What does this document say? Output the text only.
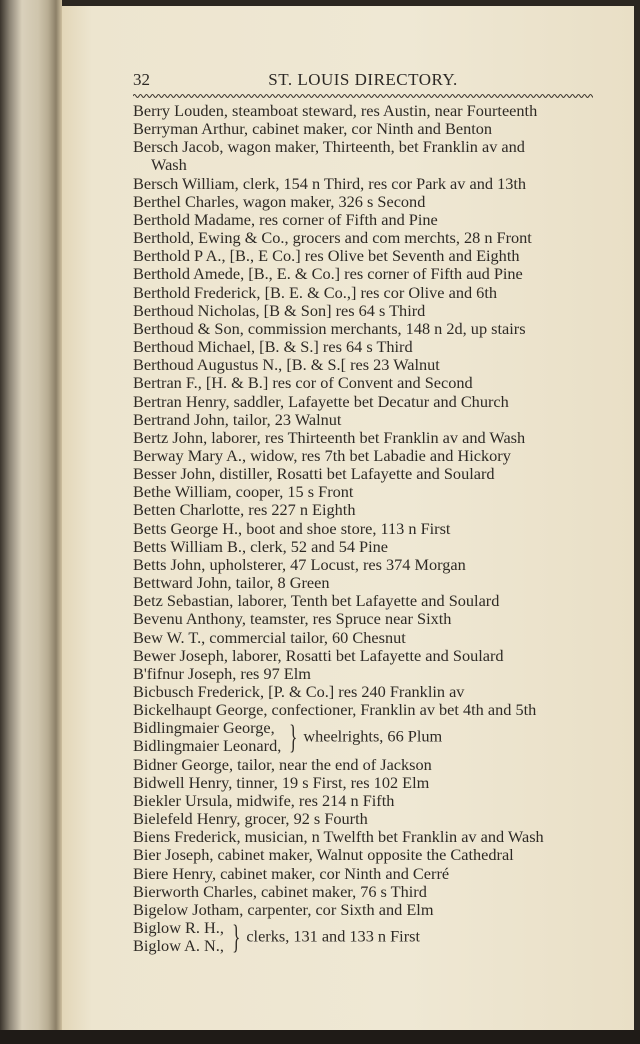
32	ST. LOUIS DIRECTORY.
Berry Louden, steamboat steward, res Austin, near Fourteenth
Berryman Arthur, cabinet maker, cor Ninth and Benton
Bersch Jacob, wagon maker, Thirteenth, bet Franklin av and
Wash
Bersch William, clerk, 154 n Third, res cor Park av and 13th
Berthel Charles, wagon maker, 326 s Second
Berthold Madame, res corner of Fifth and Pine
Berthold, Ewing & Co., grocers and com merchts, 28 n Front
Berthold P A., [B., E Co.] res Olive bet Seventh and Eighth
Berthold Amede, [B., E. & Co.] res corner of Fifth aud Pine
Berthold Frederick, [B. E. & Co.,] res cor Olive and 6th
Berthoud Nicholas, [B & Son] res 64 s Third
Berthoud & Son, commission merchants, 148 n 2d, up stairs
Berthoud Michael, [B. & S.] res 64 s Third
Berthoud Augustus N., [B. & S.[ res 23 Walnut
Bertran F., [H. & B.] res cor of Convent and Second
Bertran Henry, saddler, Lafayette bet Decatur and Church
Bertrand John, tailor, 23 Walnut
Bertz John, laborer, res Thirteenth bet Franklin av and Wash
Berway Mary A., widow, res 7th bet Labadie and Hickory
Besser John, distiller, Rosatti bet Lafayette and Soulard
Bethe William, cooper, 15 s Front
Betten Charlotte, res 227 n Eighth
Betts George H., boot and shoe store, 113 n First
Betts William B., clerk, 52 and 54 Pine
Betts John, upholsterer, 47 Locust, res 374 Morgan
Bettward John, tailor, 8 Green
Betz Sebastian, laborer, Tenth bet Lafayette and Soulard
Bevenu Anthony, teamster, res Spruce near Sixth
Bew W. T., commercial tailor, 60 Chesnut
Bewer Joseph, laborer, Rosatti bet Lafayette and Soulard
B'fifnur Joseph, res 97 Elm
Bicbusch Frederick, [P. & Co.] res 240 Franklin av
Bickelhaupt George, confectioner, Franklin av bet 4th and 5th
Bidlingmaier George,
Bidlingmaier Leonard, } wheelrights, 66 Plum
Bidner George, tailor, near the end of Jackson
Bidwell Henry, tinner, 19 s First, res 102 Elm
Biekler Ursula, midwife, res 214 n Fifth
Bielefeld Henry, grocer, 92 s Fourth
Biens Frederick, musician, n Twelfth bet Franklin av and Wash
Bier Joseph, cabinet maker, Walnut opposite the Cathedral
Biere Henry, cabinet maker, cor Ninth and Cerré
Bierworth Charles, cabinet maker, 76 s Third
Bigelow Jotham, carpenter, cor Sixth and Elm
Biglow R. H.,
Biglow A. N., } clerks, 131 and 133 n First
